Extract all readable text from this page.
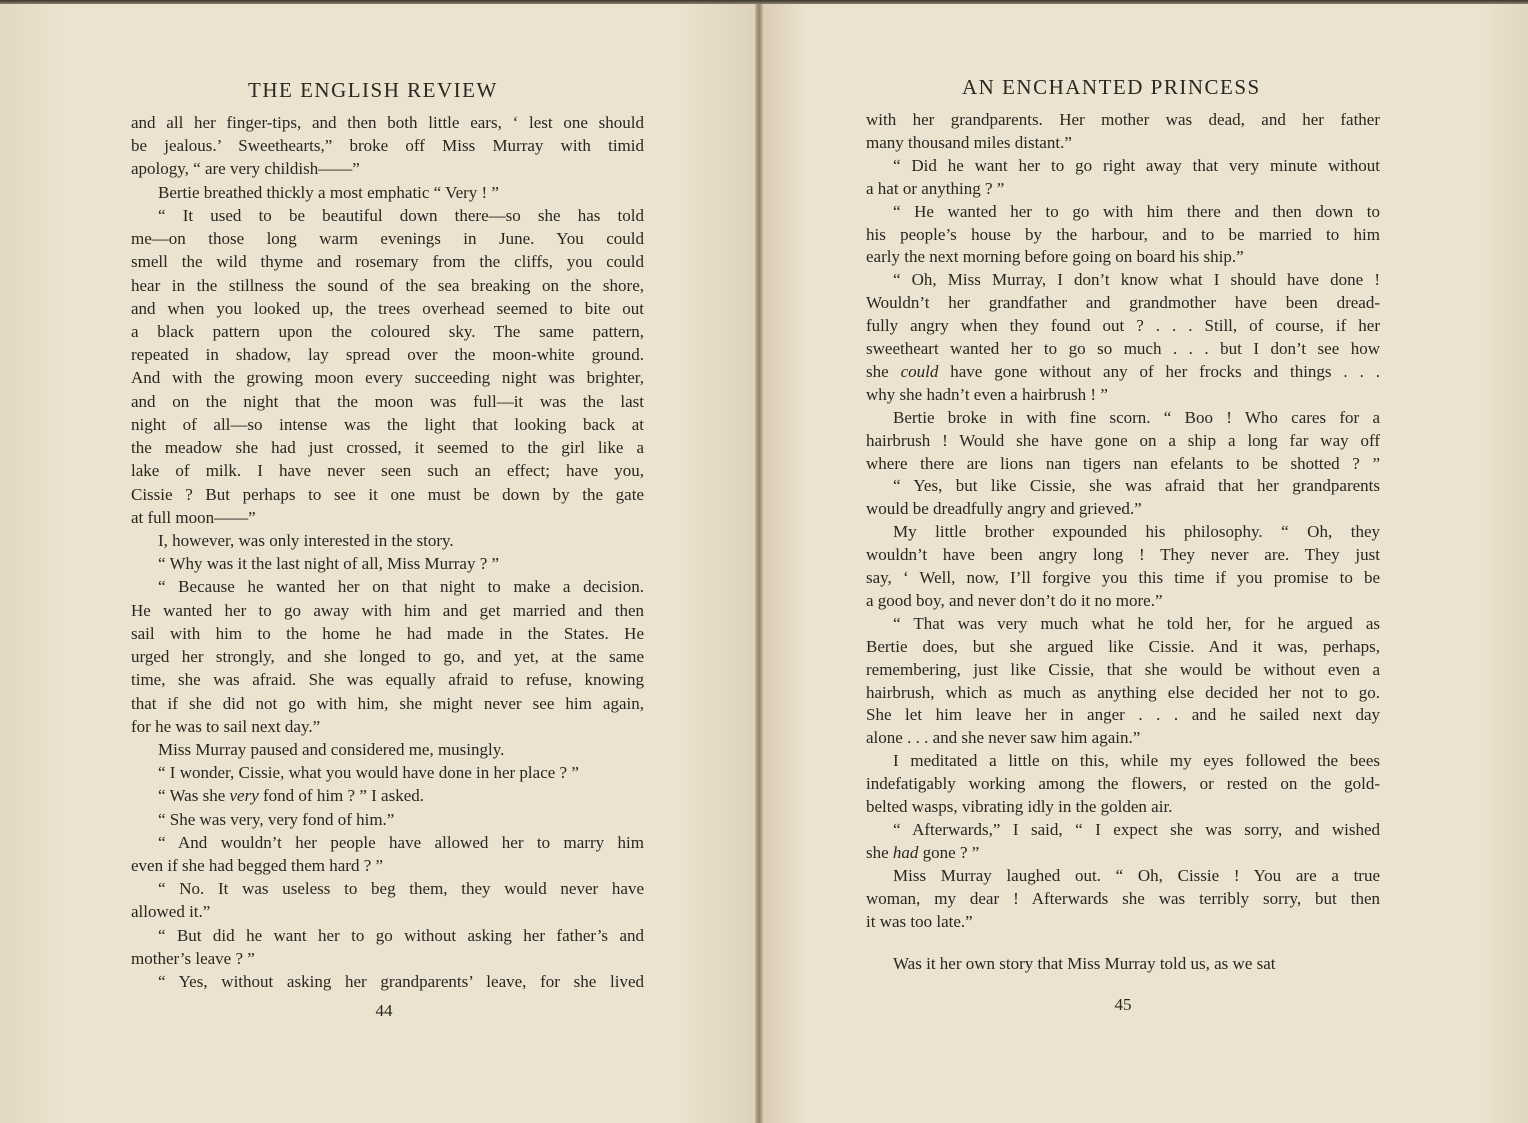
THE ENGLISH REVIEW	AN ENCHANTED PRINCESS
and all her finger-tips, and then both little ears, ‘ lest one should
be jealous.’ Sweethearts,” broke off Miss Murray with timid
apology, “ are very childish——”
Bertie breathed thickly a most emphatic “ Very ! ”
“ It used to be beautiful down there—so she has told
me—on those long warm evenings in June. You could
smell the wild thyme and rosemary from the cliffs, you could
hear in the stillness the sound of the sea breaking on the shore,
and when you looked up, the trees overhead seemed to bite out
a black pattern upon the coloured sky. The same pattern,
repeated in shadow, lay spread over the moon-white ground.
And with the growing moon every succeeding night was brighter,
and on the night that the moon was full—it was the last
night of all—so intense was the light that looking back at
the meadow she had just crossed, it seemed to the girl like a
lake of milk. I have never seen such an effect; have you,
Cissie ? But perhaps to see it one must be down by the gate
at full moon——”
I, however, was only interested in the story.
“ Why was it the last night of all, Miss Murray ? ”
“ Because he wanted her on that night to make a decision.
He wanted her to go away with him and get married and then
sail with him to the home he had made in the States. He
urged her strongly, and she longed to go, and yet, at the same
time, she was afraid. She was equally afraid to refuse, knowing
that if she did not go with him, she might never see him again,
for he was to sail next day.”
Miss Murray paused and considered me, musingly.
“ I wonder, Cissie, what you would have done in her place ? ”
“ Was she very fond of him ? ” I asked.
“ She was very, very fond of him.”
“ And wouldn’t her people have allowed her to marry him
even if she had begged them hard ? ”
“ No. It was useless to beg them, they would never have
allowed it.”
“ But did he want her to go without asking her father’s and
mother’s leave ? ”
“ Yes, without asking her grandparents’ leave, for she lived
with her grandparents. Her mother was dead, and her father
many thousand miles distant.”
“ Did he want her to go right away that very minute without
a hat or anything ? ”
“ He wanted her to go with him there and then down to
his people’s house by the harbour, and to be married to him
early the next morning before going on board his ship.”
“ Oh, Miss Murray, I don’t know what I should have done !
Wouldn’t her grandfather and grandmother have been dread-
fully angry when they found out ? . . . Still, of course, if her
sweetheart wanted her to go so much . . . but I don’t see how
she could have gone without any of her frocks and things . . .
why she hadn’t even a hairbrush ! ”
Bertie broke in with fine scorn. “ Boo ! Who cares for a
hairbrush ! Would she have gone on a ship a long far way off
where there are lions nan tigers nan efelants to be shotted ? ”
“ Yes, but like Cissie, she was afraid that her grandparents
would be dreadfully angry and grieved.”
My little brother expounded his philosophy. “ Oh, they
wouldn’t have been angry long ! They never are. They just
say, ‘ Well, now, I’ll forgive you this time if you promise to be
a good boy, and never don’t do it no more.”
“ That was very much what he told her, for he argued as
Bertie does, but she argued like Cissie. And it was, perhaps,
remembering, just like Cissie, that she would be without even a
hairbrush, which as much as anything else decided her not to go.
She let him leave her in anger . . . and he sailed next day
alone . . . and she never saw him again.”
I meditated a little on this, while my eyes followed the bees
indefatigably working among the flowers, or rested on the gold-
belted wasps, vibrating idly in the golden air.
“ Afterwards,” I said, “ I expect she was sorry, and wished
she had gone ? ”
Miss Murray laughed out. “ Oh, Cissie ! You are a true
woman, my dear ! Afterwards she was terribly sorry, but then
it was too late.”
Was it her own story that Miss Murray told us, as we sat
44	45
